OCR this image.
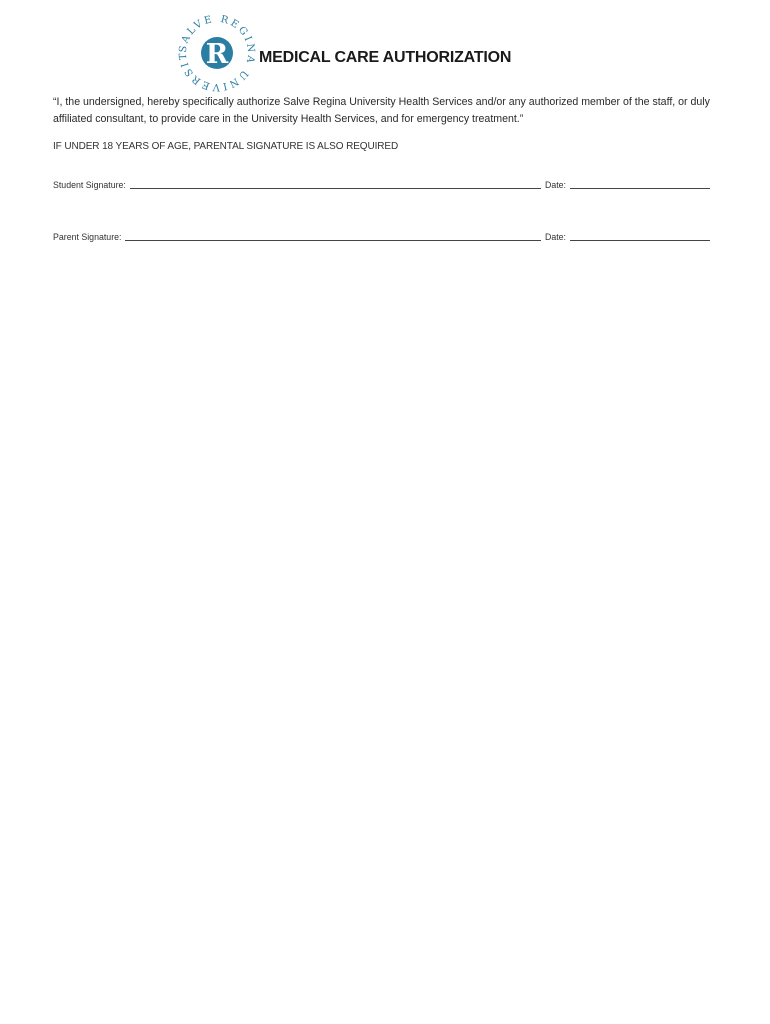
R
SALVE REGINA UNIVERSIT	MEDICAL CARE AUTHORIZATION
“I, the undersigned, hereby specifically authorize Salve Regina University Health Services and/or any authorized member of the staff, or duly affiliated consultant, to provide care in the University Health Services, and for emergency treatment.”
IF UNDER 18 YEARS OF AGE, PARENTAL SIGNATURE IS ALSO REQUIRED
Student Signature:	Date:
Parent Signature:	Date:
